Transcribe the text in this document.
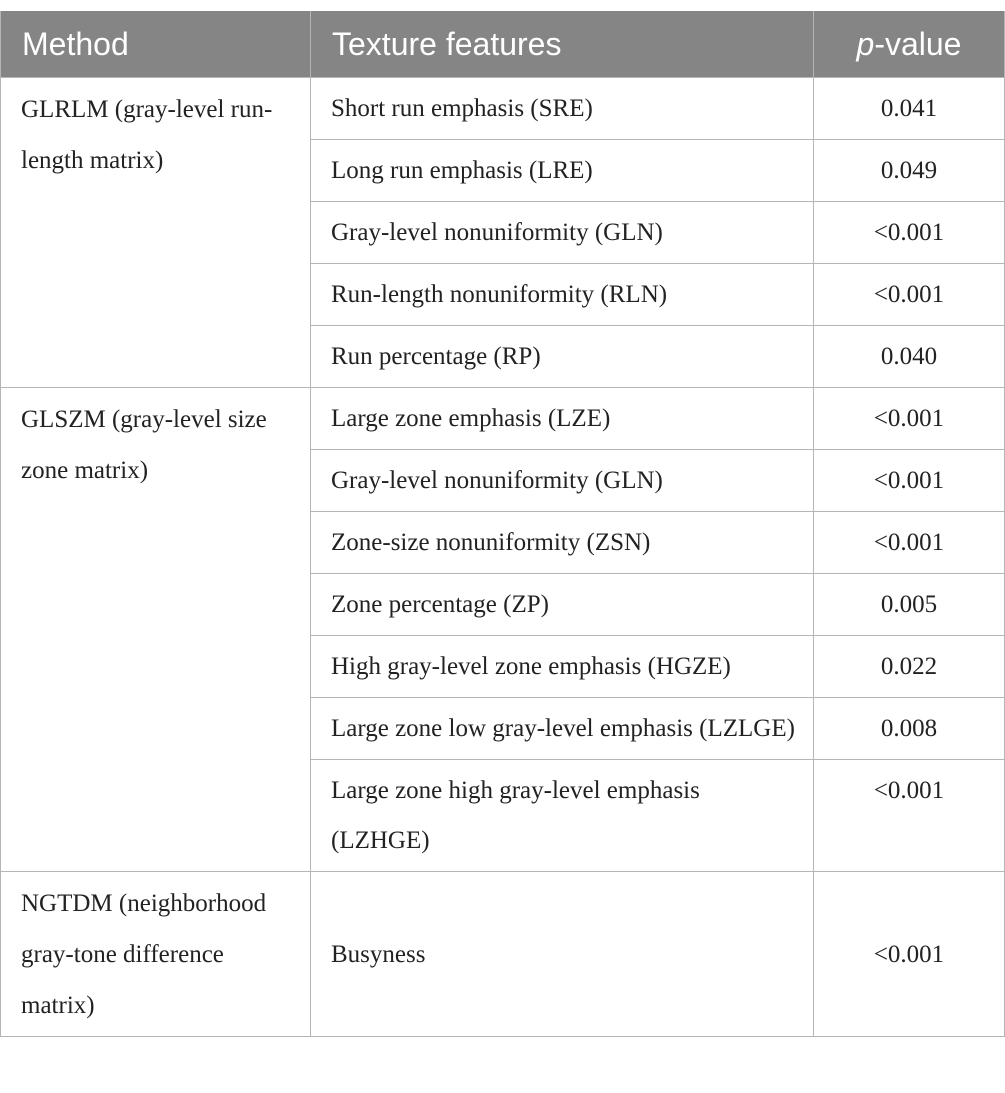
Method	Texture features	p-value
GLRLM (gray-level run-length matrix)	Short run emphasis (SRE)	0.041
	Long run emphasis (LRE)	0.049
	Gray-level nonuniformity (GLN)	<0.001
	Run-length nonuniformity (RLN)	<0.001
	Run percentage (RP)	0.040
GLSZM (gray-level size zone matrix)	Large zone emphasis (LZE)	<0.001
	Gray-level nonuniformity (GLN)	<0.001
	Zone-size nonuniformity (ZSN)	<0.001
	Zone percentage (ZP)	0.005
	High gray-level zone emphasis (HGZE)	0.022
	Large zone low gray-level emphasis (LZLGE)	0.008
	Large zone high gray-level emphasis (LZHGE)	<0.001
NGTDM (neighborhood gray-tone difference matrix)	Busyness	<0.001
